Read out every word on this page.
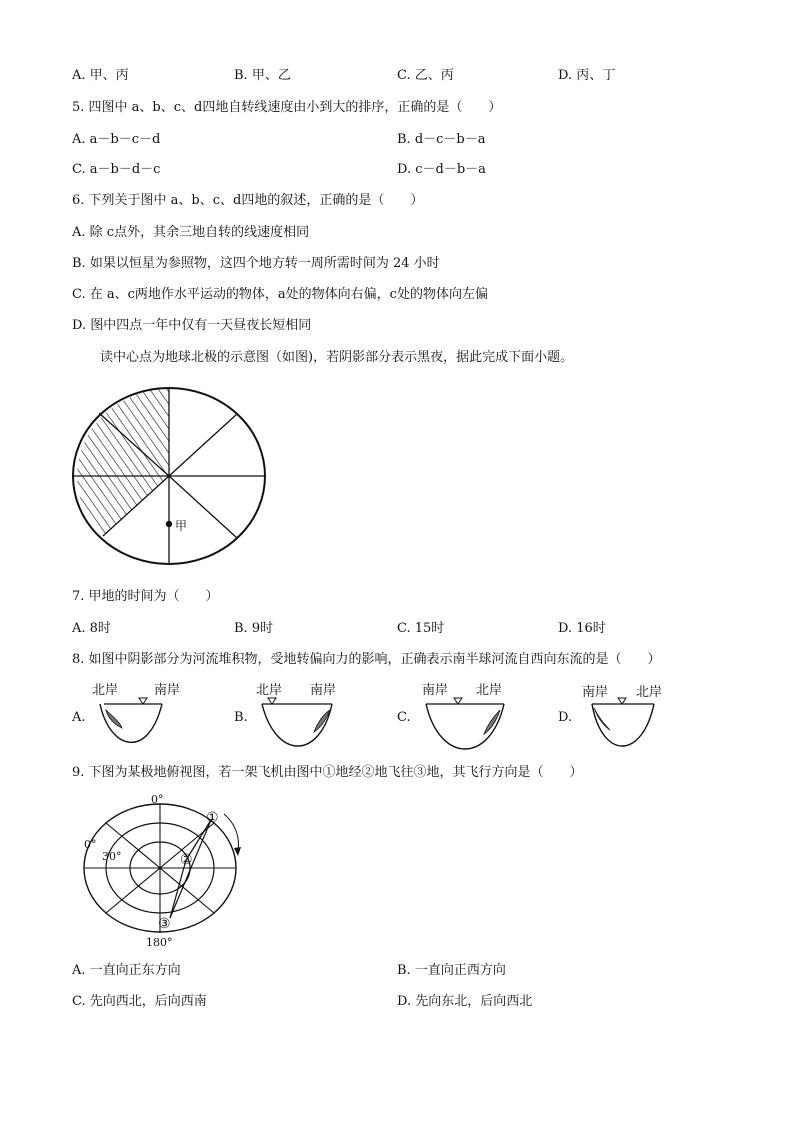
A. 甲、丙	B. 甲、乙	C. 乙、丙	D. 丙、丁
5. 四图中 a、b、c、d四地自转线速度由小到大的排序，正确的是（　　）
A. a－b－c－d	B. d－c－b－a
C. a－b－d－c	D. c－d－b－a
6. 下列关于图中 a、b、c、d四地的叙述，正确的是（　　）
A. 除 c点外，其余三地自转的线速度相同
B. 如果以恒星为参照物，这四个地方转一周所需时间为 24 小时
C. 在 a、c两地作水平运动的物体，a处的物体向右偏，c处的物体向左偏
D. 图中四点一年中仅有一天昼夜长短相同
读中心点为地球北极的示意图（如图)，若阴影部分表示黑夜，据此完成下面小题。
甲
7. 甲地的时间为（　　）
A. 8时	B. 9时	C. 15时	D. 16时
8. 如图中阴影部分为河流堆积物，受地转偏向力的影响，正确表示南半球河流自西向东流的是（　　）
A.
北岸	南岸
B.
北岸 南岸
C.
南岸 北岸
D.
南岸 北岸
9. 下图为某极地俯视图，若一架飞机由图中①地经②地飞往③地，其飞行方向是（　　）
0°
0°
30°
180°
①
②
③
A. 一直向正东方向	B. 一直向正西方向
C. 先向西北，后向西南	D. 先向东北，后向西北
